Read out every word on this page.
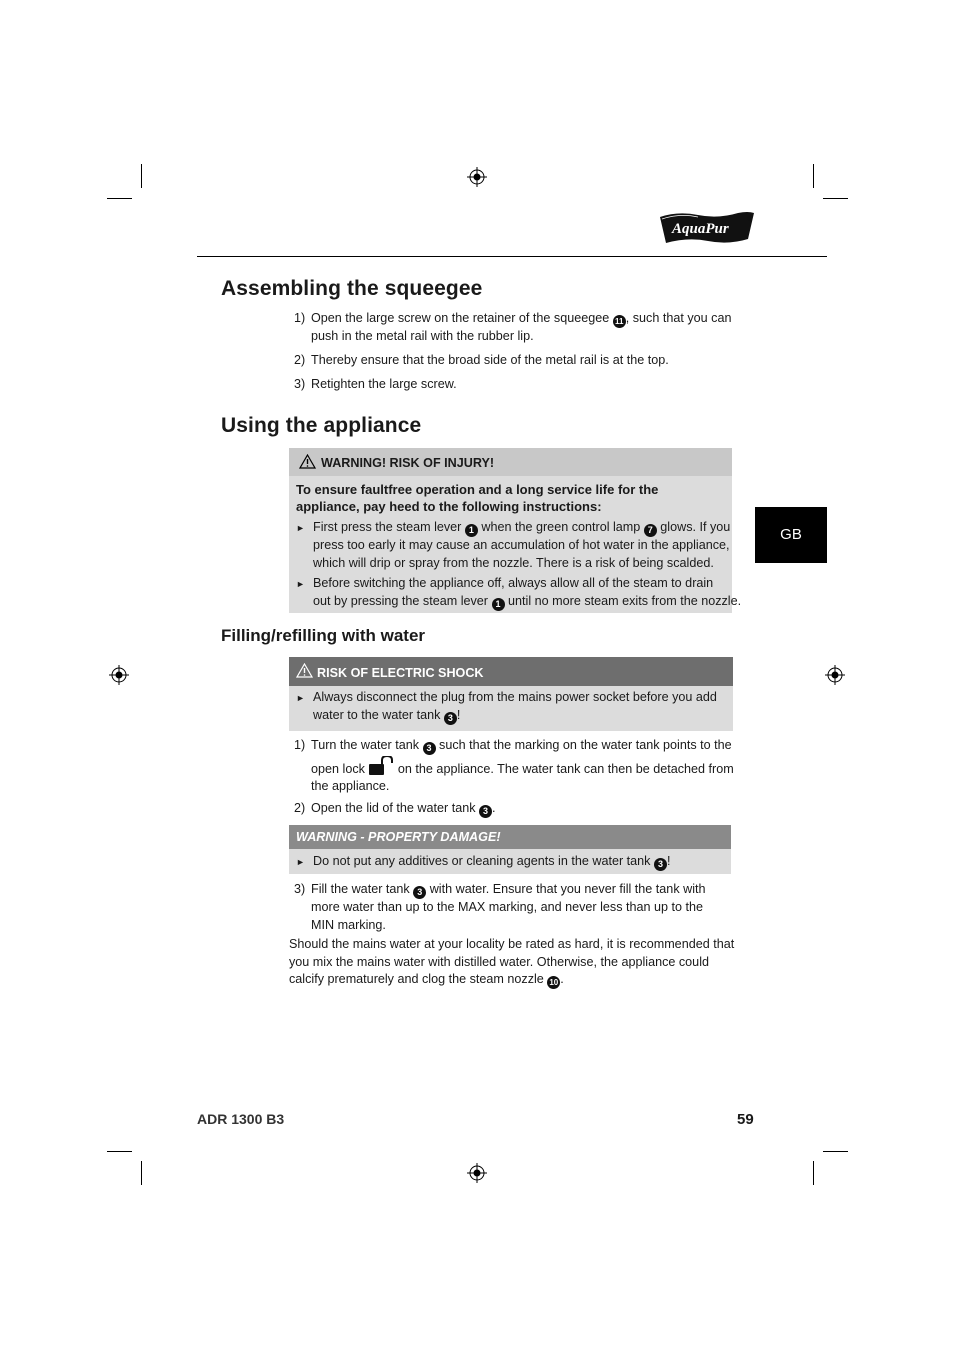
AquaPur
®
Assembling the squeegee
1) Open the large screw on the retainer of the squeegee 11 , such that you can
push in the metal rail with the rubber lip.
2) Thereby ensure that the broad side of the metal rail is at the top.
3) Retighten the large screw.
Using the appliance
WARNING! RISK OF INJURY!
To ensure faultfree operation and a long service life for the
appliance, pay heed to the following instructions:
► First press the steam lever 1 when the green control lamp 7 glows. If you
press too early it may cause an accumulation of hot water in the appliance,
which will drip or spray from the nozzle. There is a risk of being scalded.
► Before switching the appliance off, always allow all of the steam to drain
out by pressing the steam lever 1 until no more steam exits from the nozzle.
GB
Filling/refilling with water
RISK OF ELECTRIC SHOCK
► Always disconnect the plug from the mains power socket before you add
water to the water tank 3 !
1) Turn the water tank 3 such that the marking on the water tank points to the
open lock	on the appliance. The water tank can then be detached from
the appliance.
2) Open the lid of the water tank 3 .
WARNING - PROPERTY DAMAGE!
► Do not put any additives or cleaning agents in the water tank 3 !
3) Fill the water tank 3 with water. Ensure that you never fill the tank with
more water than up to the MAX marking, and never less than up to the
MIN marking.
Should the mains water at your locality be rated as hard, it is recommended that
you mix the mains water with distilled water. Otherwise, the appliance could
calcify prematurely and clog the steam nozzle 10 .
ADR 1300 B3	59
